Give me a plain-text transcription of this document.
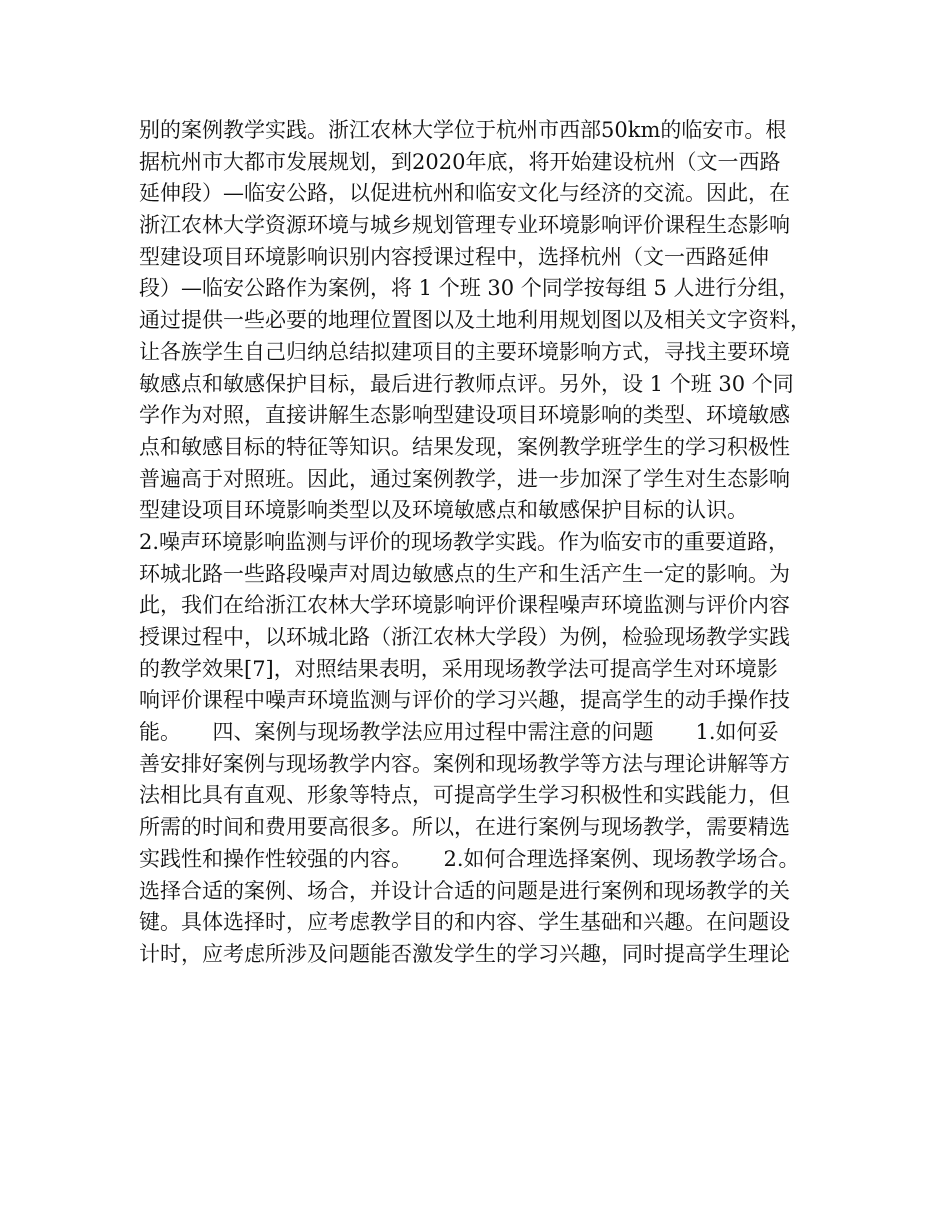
别的案例教学实践。浙江农林大学位于杭州市西部50km的临安市。根
据杭州市大都市发展规划，到2020年底，将开始建设杭州（文一西路
延伸段）—临安公路，以促进杭州和临安文化与经济的交流。因此，在
浙江农林大学资源环境与城乡规划管理专业环境影响评价课程生态影响
型建设项目环境影响识别内容授课过程中，选择杭州（文一西路延伸
段）—临安公路作为案例，将 1 个班 30 个同学按每组 5 人进行分组，
通过提供一些必要的地理位置图以及土地利用规划图以及相关文字资料，
让各族学生自己归纳总结拟建项目的主要环境影响方式，寻找主要环境
敏感点和敏感保护目标，最后进行教师点评。另外，设 1 个班 30 个同
学作为对照，直接讲解生态影响型建设项目环境影响的类型、环境敏感
点和敏感目标的特征等知识。结果发现，案例教学班学生的学习积极性
普遍高于对照班。因此，通过案例教学，进一步加深了学生对生态影响
型建设项目环境影响类型以及环境敏感点和敏感保护目标的认识。
2.噪声环境影响监测与评价的现场教学实践。作为临安市的重要道路，
环城北路一些路段噪声对周边敏感点的生产和生活产生一定的影响。为
此，我们在给浙江农林大学环境影响评价课程噪声环境监测与评价内容
授课过程中，以环城北路（浙江农林大学段）为例，检验现场教学实践
的教学效果[7]，对照结果表明，采用现场教学法可提高学生对环境影
响评价课程中噪声环境监测与评价的学习兴趣，提高学生的动手操作技
能。　　四、案例与现场教学法应用过程中需注意的问题　　1.如何妥
善安排好案例与现场教学内容。案例和现场教学等方法与理论讲解等方
法相比具有直观、形象等特点，可提高学生学习积极性和实践能力，但
所需的时间和费用要高很多。所以，在进行案例与现场教学，需要精选
实践性和操作性较强的内容。　　2.如何合理选择案例、现场教学场合。
选择合适的案例、场合，并设计合适的问题是进行案例和现场教学的关
键。具体选择时，应考虑教学目的和内容、学生基础和兴趣。在问题设
计时，应考虑所涉及问题能否激发学生的学习兴趣，同时提高学生理论
